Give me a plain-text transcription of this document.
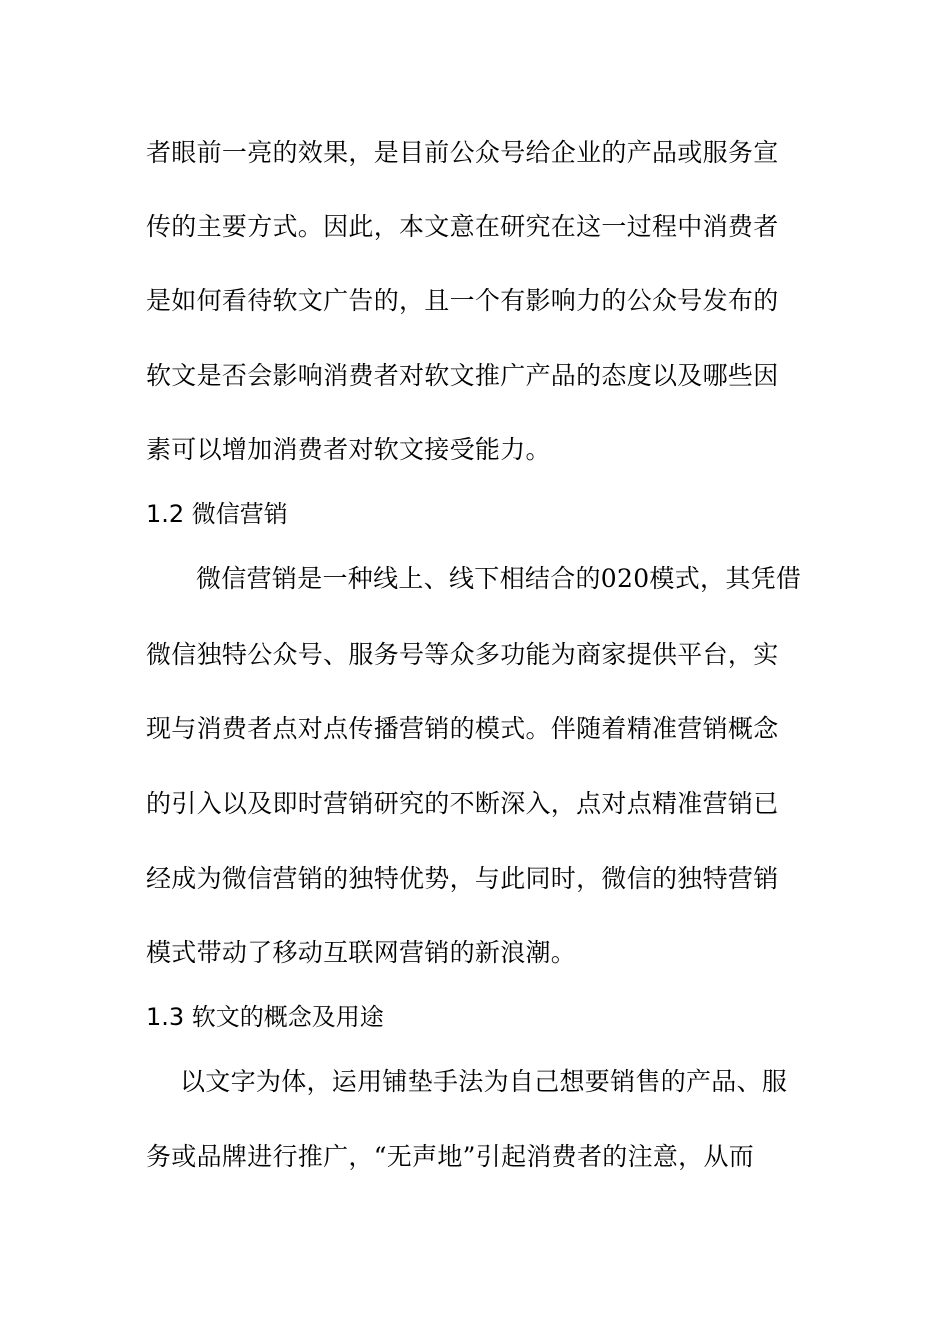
者眼前一亮的效果，是目前公众号给企业的产品或服务宣
传的主要方式。因此，本文意在研究在这一过程中消费者
是如何看待软文广告的，且一个有影响力的公众号发布的
软文是否会影响消费者对软文推广产品的态度以及哪些因
素可以增加消费者对软文接受能力。
1.2 微信营销
微信营销是一种线上、线下相结合的020模式，其凭借
微信独特公众号、服务号等众多功能为商家提供平台，实
现与消费者点对点传播营销的模式。伴随着精准营销概念
的引入以及即时营销研究的不断深入，点对点精准营销已
经成为微信营销的独特优势，与此同时，微信的独特营销
模式带动了移动互联网营销的新浪潮。
1.3 软文的概念及用途
以文字为体，运用铺垫手法为自己想要销售的产品、服
务或品牌进行推广，“无声地”引起消费者的注意，从而
